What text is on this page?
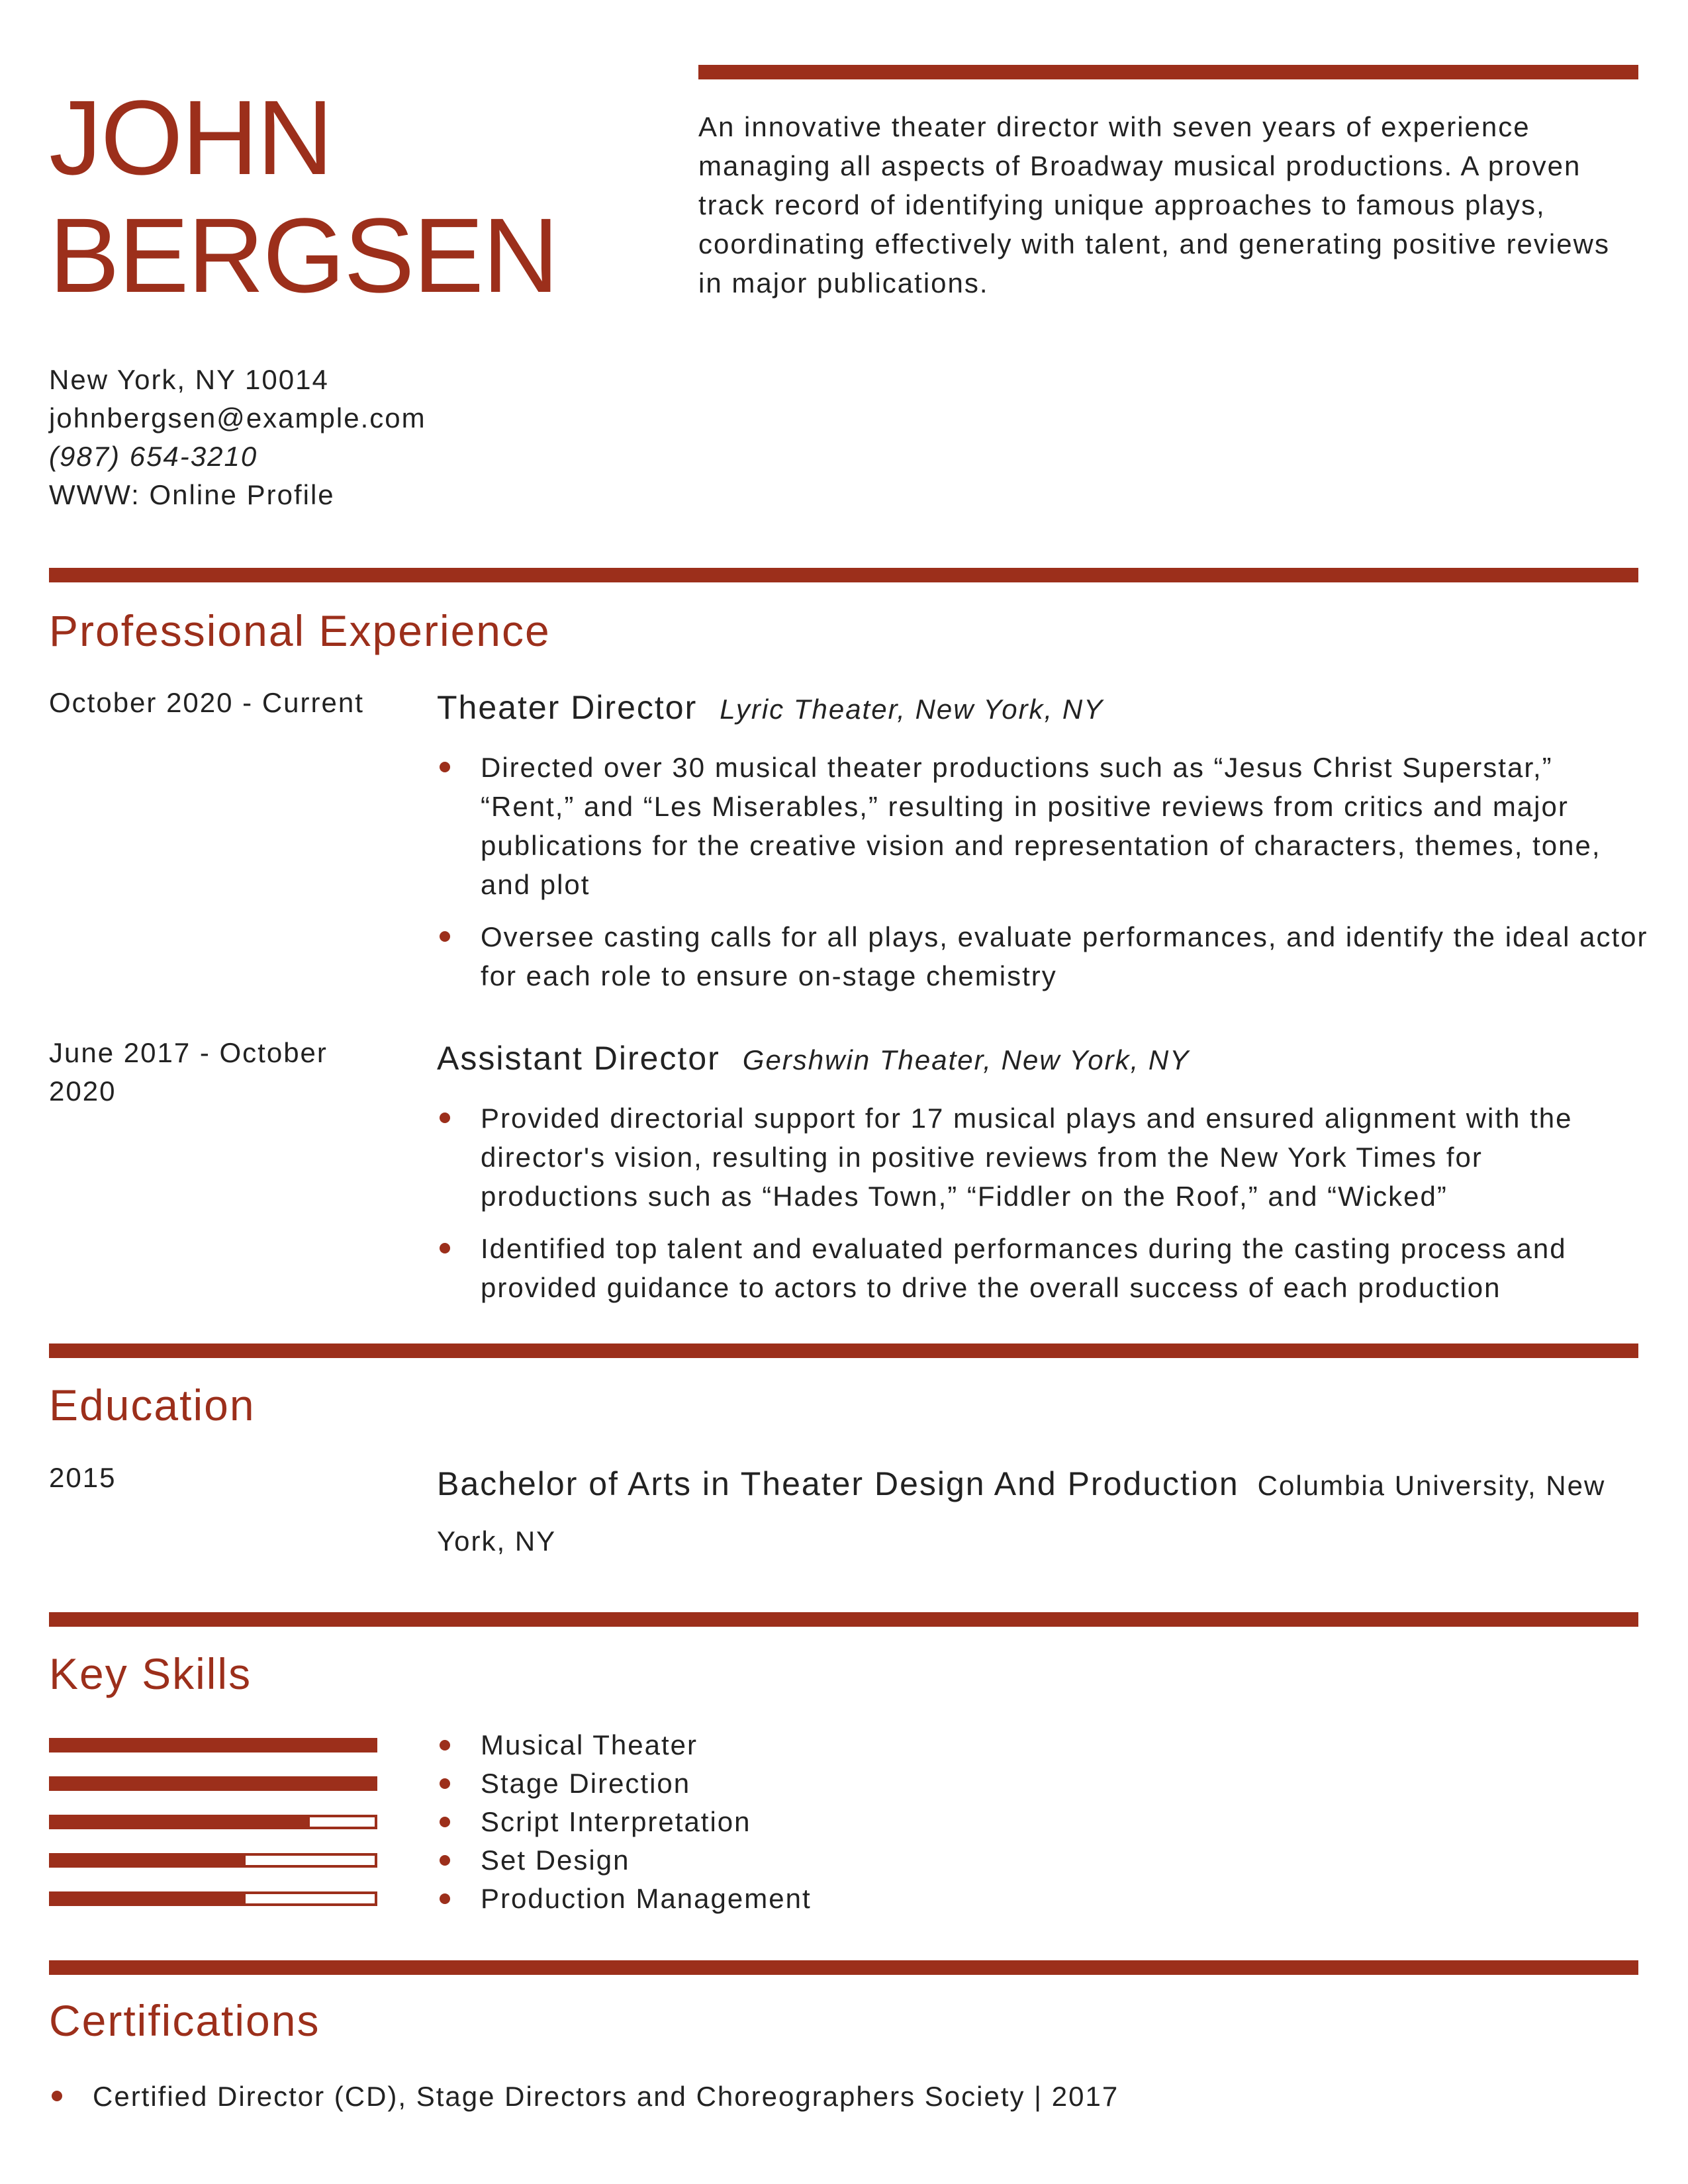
JOHN
BERGSEN

An innovative theater director with seven years of experience managing all aspects of Broadway musical productions. A proven track record of identifying unique approaches to famous plays, coordinating effectively with talent, and generating positive reviews in major publications.

New York, NY 10014

johnbergsen@example.com

(987) 654-3210

WWW: Online Profile

Professional Experience

October 2020 - Current	Theater Director Lyric Theater, New York, NY
Directed over 30 musical theater productions such as “Jesus Christ Superstar,” “Rent,” and “Les Miserables,” resulting in positive reviews from critics and major publications for the creative vision and representation of characters, themes, tone, and plot
Oversee casting calls for all plays, evaluate performances, and identify the ideal actor for each role to ensure on-stage chemistry

June 2017 - October 2020

Assistant Director Gershwin Theater, New York, NY
Provided directorial support for 17 musical plays and ensured alignment with the director's vision, resulting in positive reviews from the New York Times for productions such as “Hades Town,” “Fiddler on the Roof,” and “Wicked”
Identified top talent and evaluated performances during the casting process and provided guidance to actors to drive the overall success of each production
Education

2015	Bachelor of Arts in Theater Design And Production Columbia University, New York, NY

Key Skills
Musical Theater
Stage Direction
Script Interpretation
Set Design
Production Management
Certifications
Certified Director (CD), Stage Directors and Choreographers Society | 2017
